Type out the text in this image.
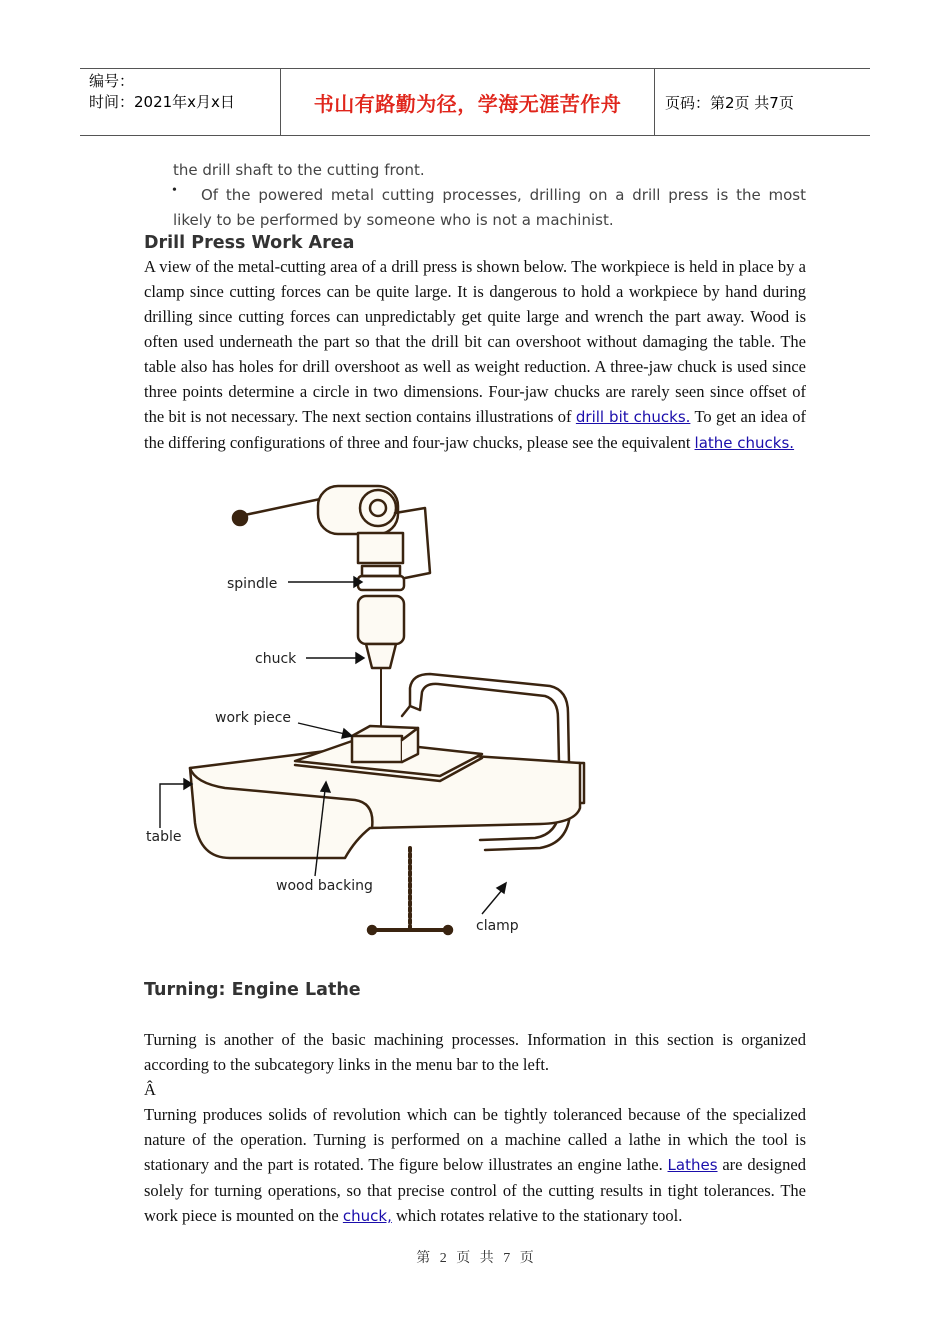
编号：
时间：2021年x月x日	书山有路勤为径，学海无涯苦作舟	页码：第2页 共7页
the drill shaft to the cutting front.
•	Of the powered metal cutting processes, drilling on a drill press is the most likely to be performed by someone who is not a machinist.
Drill Press Work Area
A view of the metal-cutting area of a drill press is shown below. The workpiece is held in place by a clamp since cutting forces can be quite large. It is dangerous to hold a workpiece by hand during drilling since cutting forces can unpredictably get quite large and wrench the part away. Wood is often used underneath the part so that the drill bit can overshoot without damaging the table. The table also has holes for drill overshoot as well as weight reduction. A three-jaw chuck is used since three points determine a circle in two dimensions. Four-jaw chucks are rarely seen since offset of the bit is not necessary. The next section contains illustrations of drill bit chucks. To get an idea of the differing configurations of three and four-jaw chucks, please see the equivalent lathe chucks.
spindle
chuck
work piece
table
wood backing
clamp
Turning: Engine Lathe
Turning is another of the basic machining processes. Information in this section is organized according to the subcategory links in the menu bar to the left.
Â
Turning produces solids of revolution which can be tightly toleranced because of the specialized nature of the operation. Turning is performed on a machine called a lathe in which the tool is stationary and the part is rotated. The figure below illustrates an engine lathe. Lathes are designed solely for turning operations, so that precise control of the cutting results in tight tolerances. The work piece is mounted on the chuck, which rotates relative to the stationary tool.
第 2 页 共 7 页
